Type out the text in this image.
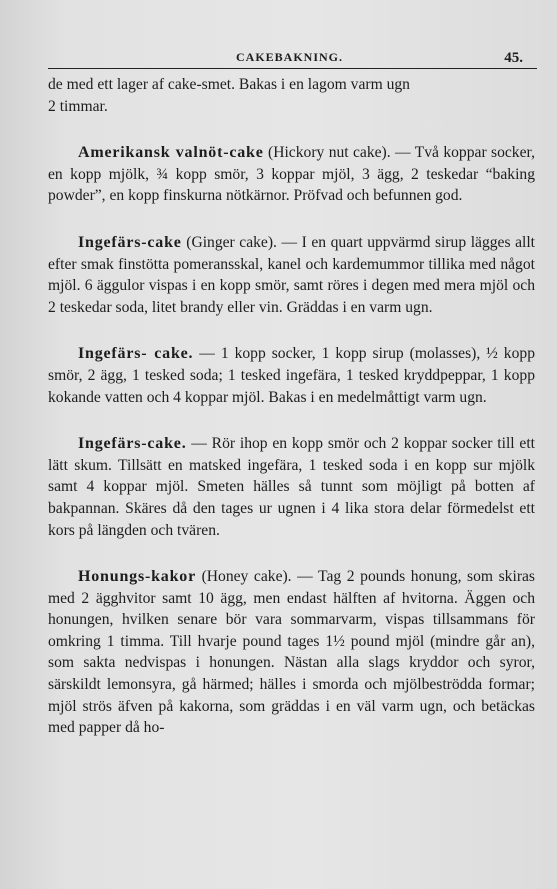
CAKEBAKNING.	45.

de med ett lager af cake-smet. Bakas i en lagom varm ugn
2 timmar.

Amerikansk valnöt-cake (Hickory nut cake). — Två koppar socker, en kopp mjölk, ¾ kopp smör, 3 koppar mjöl, 3 ägg, 2 teskedar “baking powder”, en kopp finskurna nötkärnor. Pröfvad och befunnen god.

Ingefärs-cake (Ginger cake). — I en quart uppvärmd sirup lägges allt efter smak finstötta pomeransskal, kanel och kardemummor tillika med något mjöl. 6 äggulor vispas i en kopp smör, samt röres i degen med mera mjöl och 2 teskedar soda, litet brandy eller vin. Gräddas i en varm ugn.

Ingefärs- cake. — 1 kopp socker, 1 kopp sirup (molasses), ½ kopp smör, 2 ägg, 1 tesked soda; 1 tesked ingefära, 1 tesked kryddpeppar, 1 kopp kokande vatten och 4 koppar mjöl. Bakas i en medelmåttigt varm ugn.

Ingefärs-cake. — Rör ihop en kopp smör och 2 koppar socker till ett lätt skum. Tillsätt en matsked ingefära, 1 tesked soda i en kopp sur mjölk samt 4 koppar mjöl. Smeten hälles så tunnt som möjligt på botten af bakpannan. Skäres då den tages ur ugnen i 4 lika stora delar förmedelst ett kors på längden och tvären.

Honungs-kakor (Honey cake). — Tag 2 pounds honung, som skiras med 2 ägghvitor samt 10 ägg, men endast hälften af hvitorna. Äggen och honungen, hvilken senare bör vara sommarvarm, vispas tillsammans för omkring 1 timma. Till hvarje pound tages 1½ pound mjöl (mindre går an), som sakta nedvispas i honungen. Nästan alla slags kryddor och syror, särskildt lemonsyra, gå härmed; hälles i smorda och mjölbeströdda formar; mjöl strös äfven på kakorna, som gräddas i en väl varm ugn, och betäckas med papper då ho-
